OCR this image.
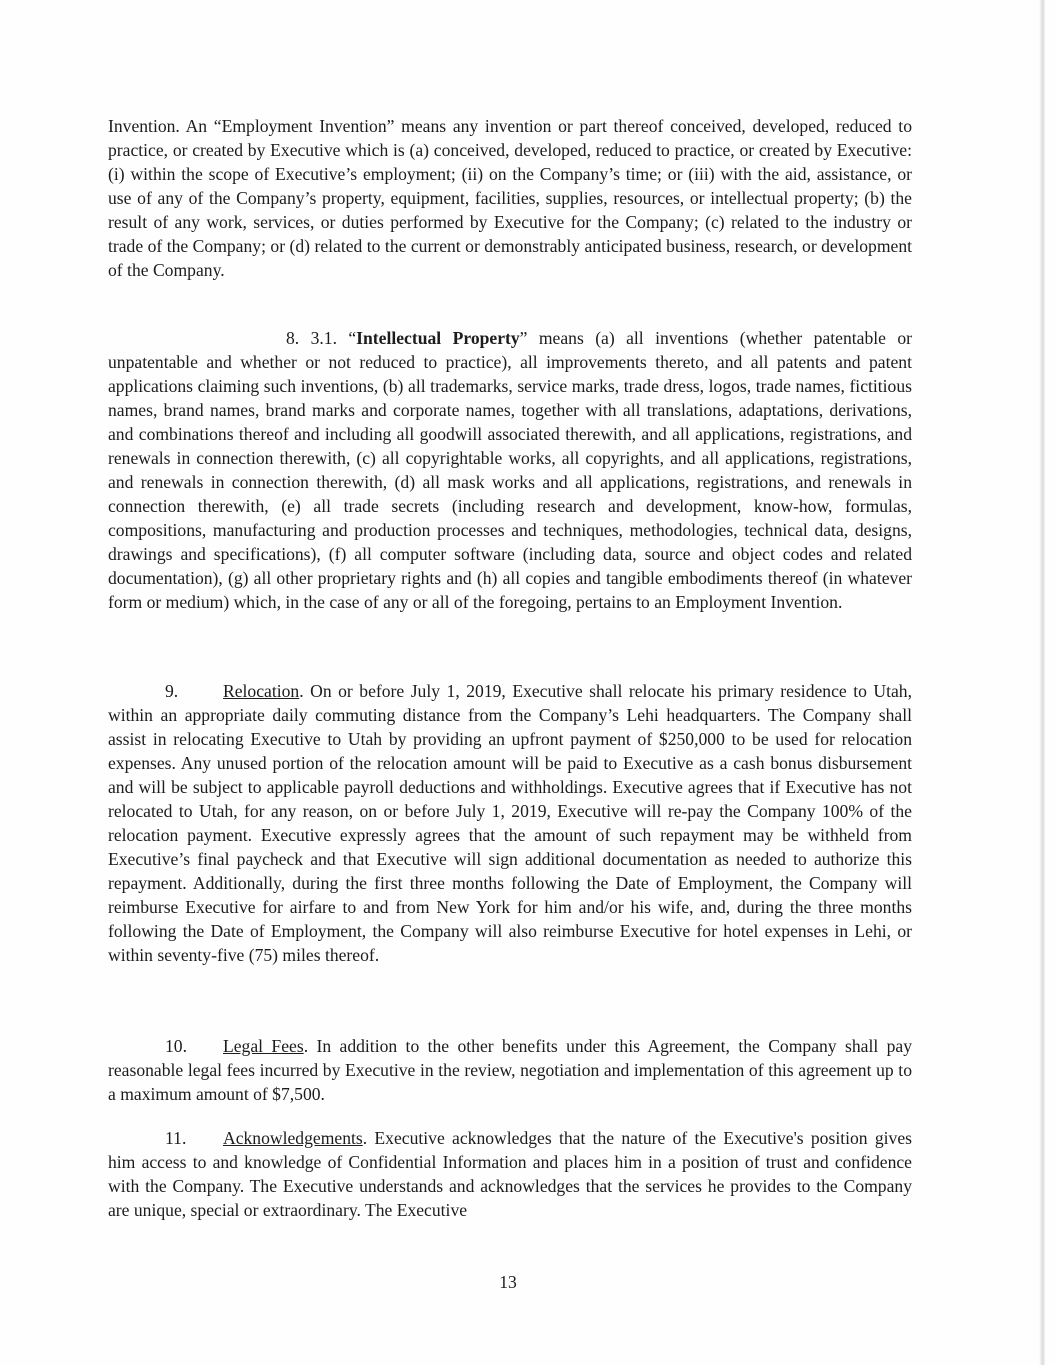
Invention. An “Employment Invention” means any invention or part thereof conceived, developed, reduced to practice, or created by Executive which is (a) conceived, developed, reduced to practice, or created by Executive: (i) within the scope of Executive’s employment; (ii) on the Company’s time; or (iii) with the aid, assistance, or use of any of the Company’s property, equipment, facilities, supplies, resources, or intellectual property; (b) the result of any work, services, or duties performed by Executive for the Company; (c) related to the industry or trade of the Company; or (d) related to the current or demonstrably anticipated business, research, or development of the Company.

8. 3.1. “Intellectual Property” means (a) all inventions (whether patentable or unpatentable and whether or not reduced to practice), all improvements thereto, and all patents and patent applications claiming such inventions, (b) all trademarks, service marks, trade dress, logos, trade names, fictitious names, brand names, brand marks and corporate names, together with all translations, adaptations, derivations, and combinations thereof and including all goodwill associated therewith, and all applications, registrations, and renewals in connection therewith, (c) all copyrightable works, all copyrights, and all applications, registrations, and renewals in connection therewith, (d) all mask works and all applications, registrations, and renewals in connection therewith, (e) all trade secrets (including research and development, know-how, formulas, compositions, manufacturing and production processes and techniques, methodologies, technical data, designs, drawings and specifications), (f) all computer software (including data, source and object codes and related documentation), (g) all other proprietary rights and (h) all copies and tangible embodiments thereof (in whatever form or medium) which, in the case of any or all of the foregoing, pertains to an Employment Invention.

9.	Relocation. On or before July 1, 2019, Executive shall relocate his primary residence to Utah, within an appropriate daily commuting distance from the Company’s Lehi headquarters. The Company shall assist in relocating Executive to Utah by providing an upfront payment of $250,000 to be used for relocation expenses. Any unused portion of the relocation amount will be paid to Executive as a cash bonus disbursement and will be subject to applicable payroll deductions and withholdings. Executive agrees that if Executive has not relocated to Utah, for any reason, on or before July 1, 2019, Executive will re-pay the Company 100% of the relocation payment. Executive expressly agrees that the amount of such repayment may be withheld from Executive’s final paycheck and that Executive will sign additional documentation as needed to authorize this repayment. Additionally, during the first three months following the Date of Employment, the Company will reimburse Executive for airfare to and from New York for him and/or his wife, and, during the three months following the Date of Employment, the Company will also reimburse Executive for hotel expenses in Lehi, or within seventy-five (75) miles thereof.

10. Legal Fees. In addition to the other benefits under this Agreement, the Company shall pay reasonable legal fees incurred by Executive in the review, negotiation and implementation of this agreement up to a maximum amount of $7,500.

11. Acknowledgements. Executive acknowledges that the nature of the Executive's position gives him access to and knowledge of Confidential Information and places him in a position of trust and confidence with the Company. The Executive understands and acknowledges that the services he provides to the Company are unique, special or extraordinary. The Executive

13
